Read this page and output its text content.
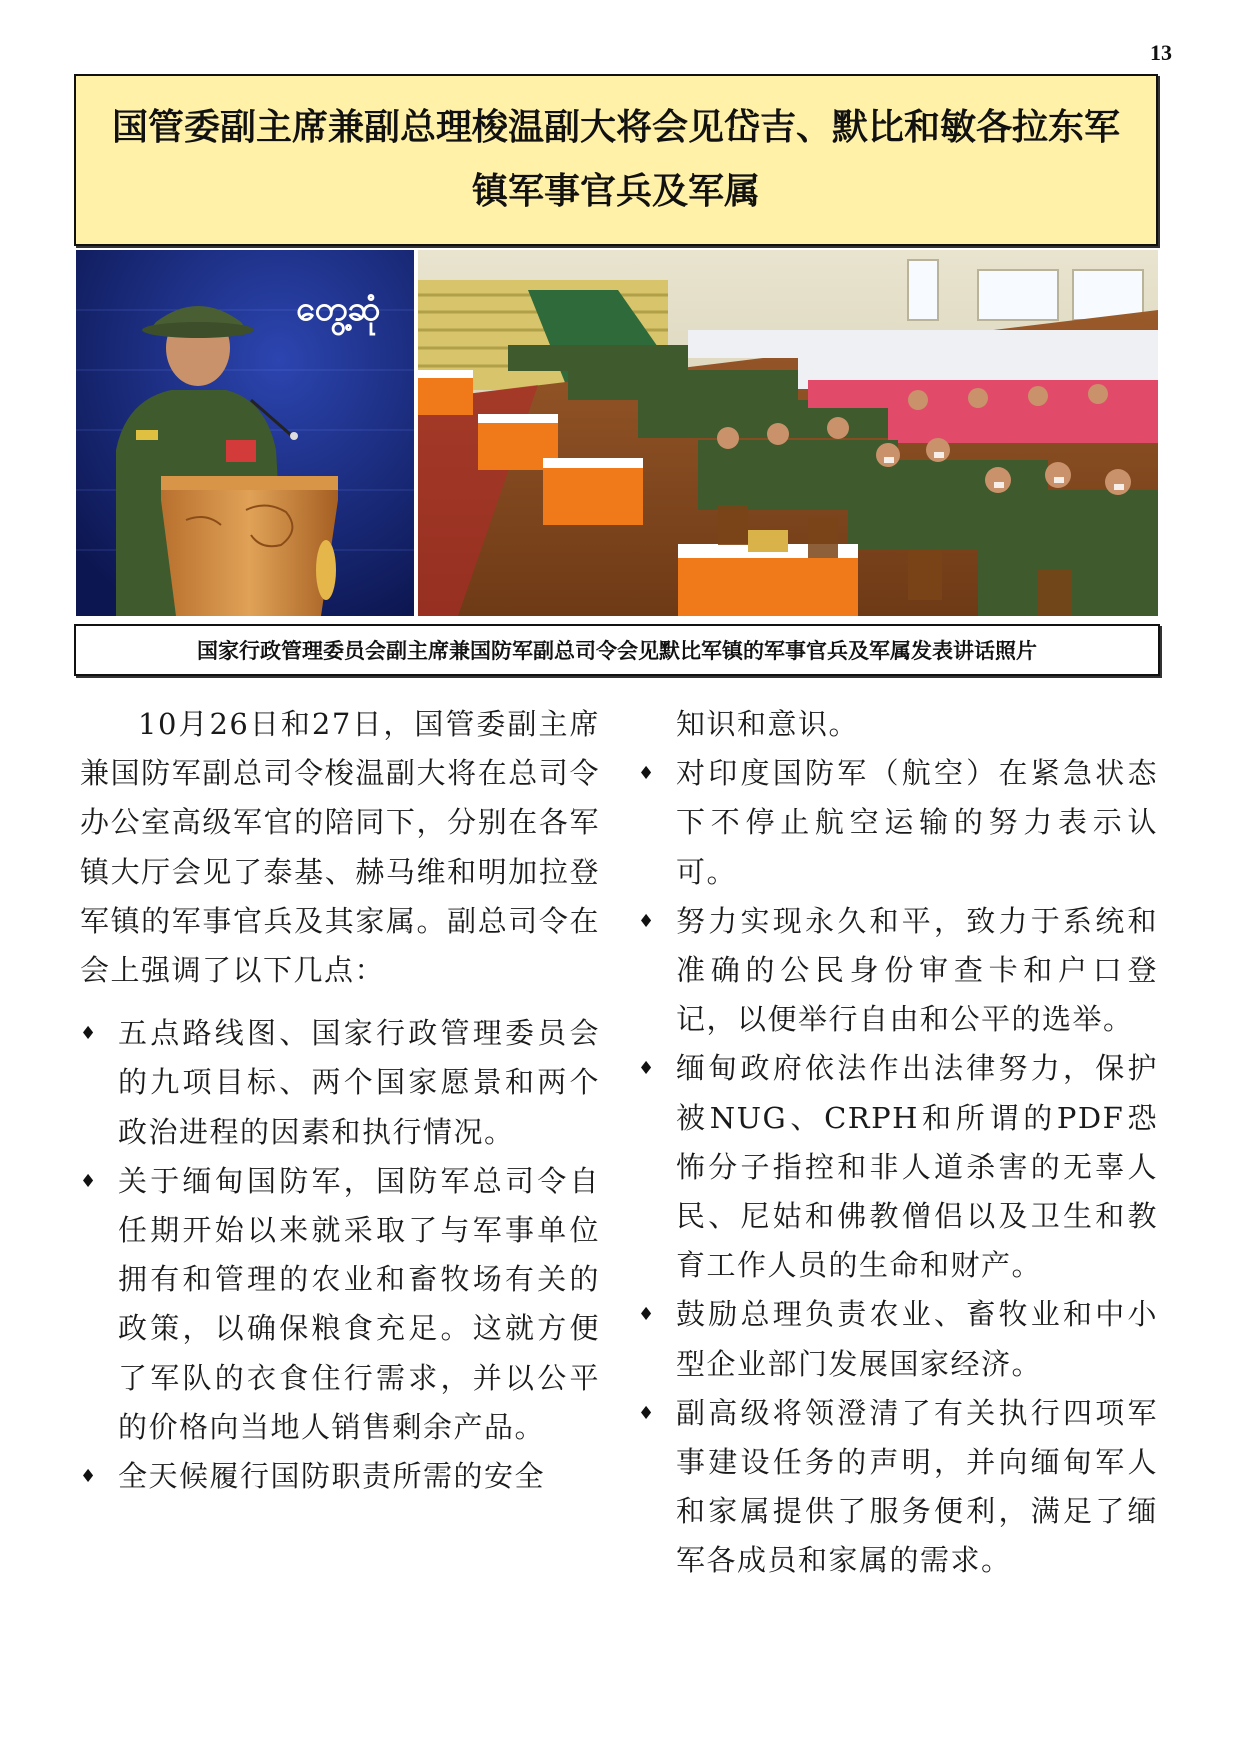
13
国管委副主席兼副总理梭温副大将会见岱吉、默比和敏各拉东军镇军事官兵及军属
တွေ့ဆုံ
国家行政管理委员会副主席兼国防军副总司令会见默比军镇的军事官兵及军属发表讲话照片

10月26日和27日，国管委副主席兼国防军副总司令梭温副大将在总司令办公室高级军官的陪同下，分别在各军镇大厅会见了泰基、赫马维和明加拉登军镇的军事官兵及其家属。副总司令在会上强调了以下几点：

♦ 五点路线图、国家行政管理委员会的九项目标、两个国家愿景和两个政治进程的因素和执行情况。
♦ 关于缅甸国防军，国防军总司令自任期开始以来就采取了与军事单位拥有和管理的农业和畜牧场有关的政策，以确保粮食充足。这就方便了军队的衣食住行需求，并以公平的价格向当地人销售剩余产品。
♦ 全天候履行国防职责所需的安全

知识和意识。

♦ 对印度国防军（航空）在紧急状态下不停止航空运输的努力表示认可。
♦ 努力实现永久和平，致力于系统和准确的公民身份审查卡和户口登记，以便举行自由和公平的选举。
♦ 缅甸政府依法作出法律努力，保护被NUG、CRPH和所谓的PDF恐怖分子指控和非人道杀害的无辜人民、尼姑和佛教僧侣以及卫生和教育工作人员的生命和财产。
♦ 鼓励总理负责农业、畜牧业和中小型企业部门发展国家经济。
♦ 副高级将领澄清了有关执行四项军事建设任务的声明，并向缅甸军人和家属提供了服务便利，满足了缅军各成员和家属的需求。
